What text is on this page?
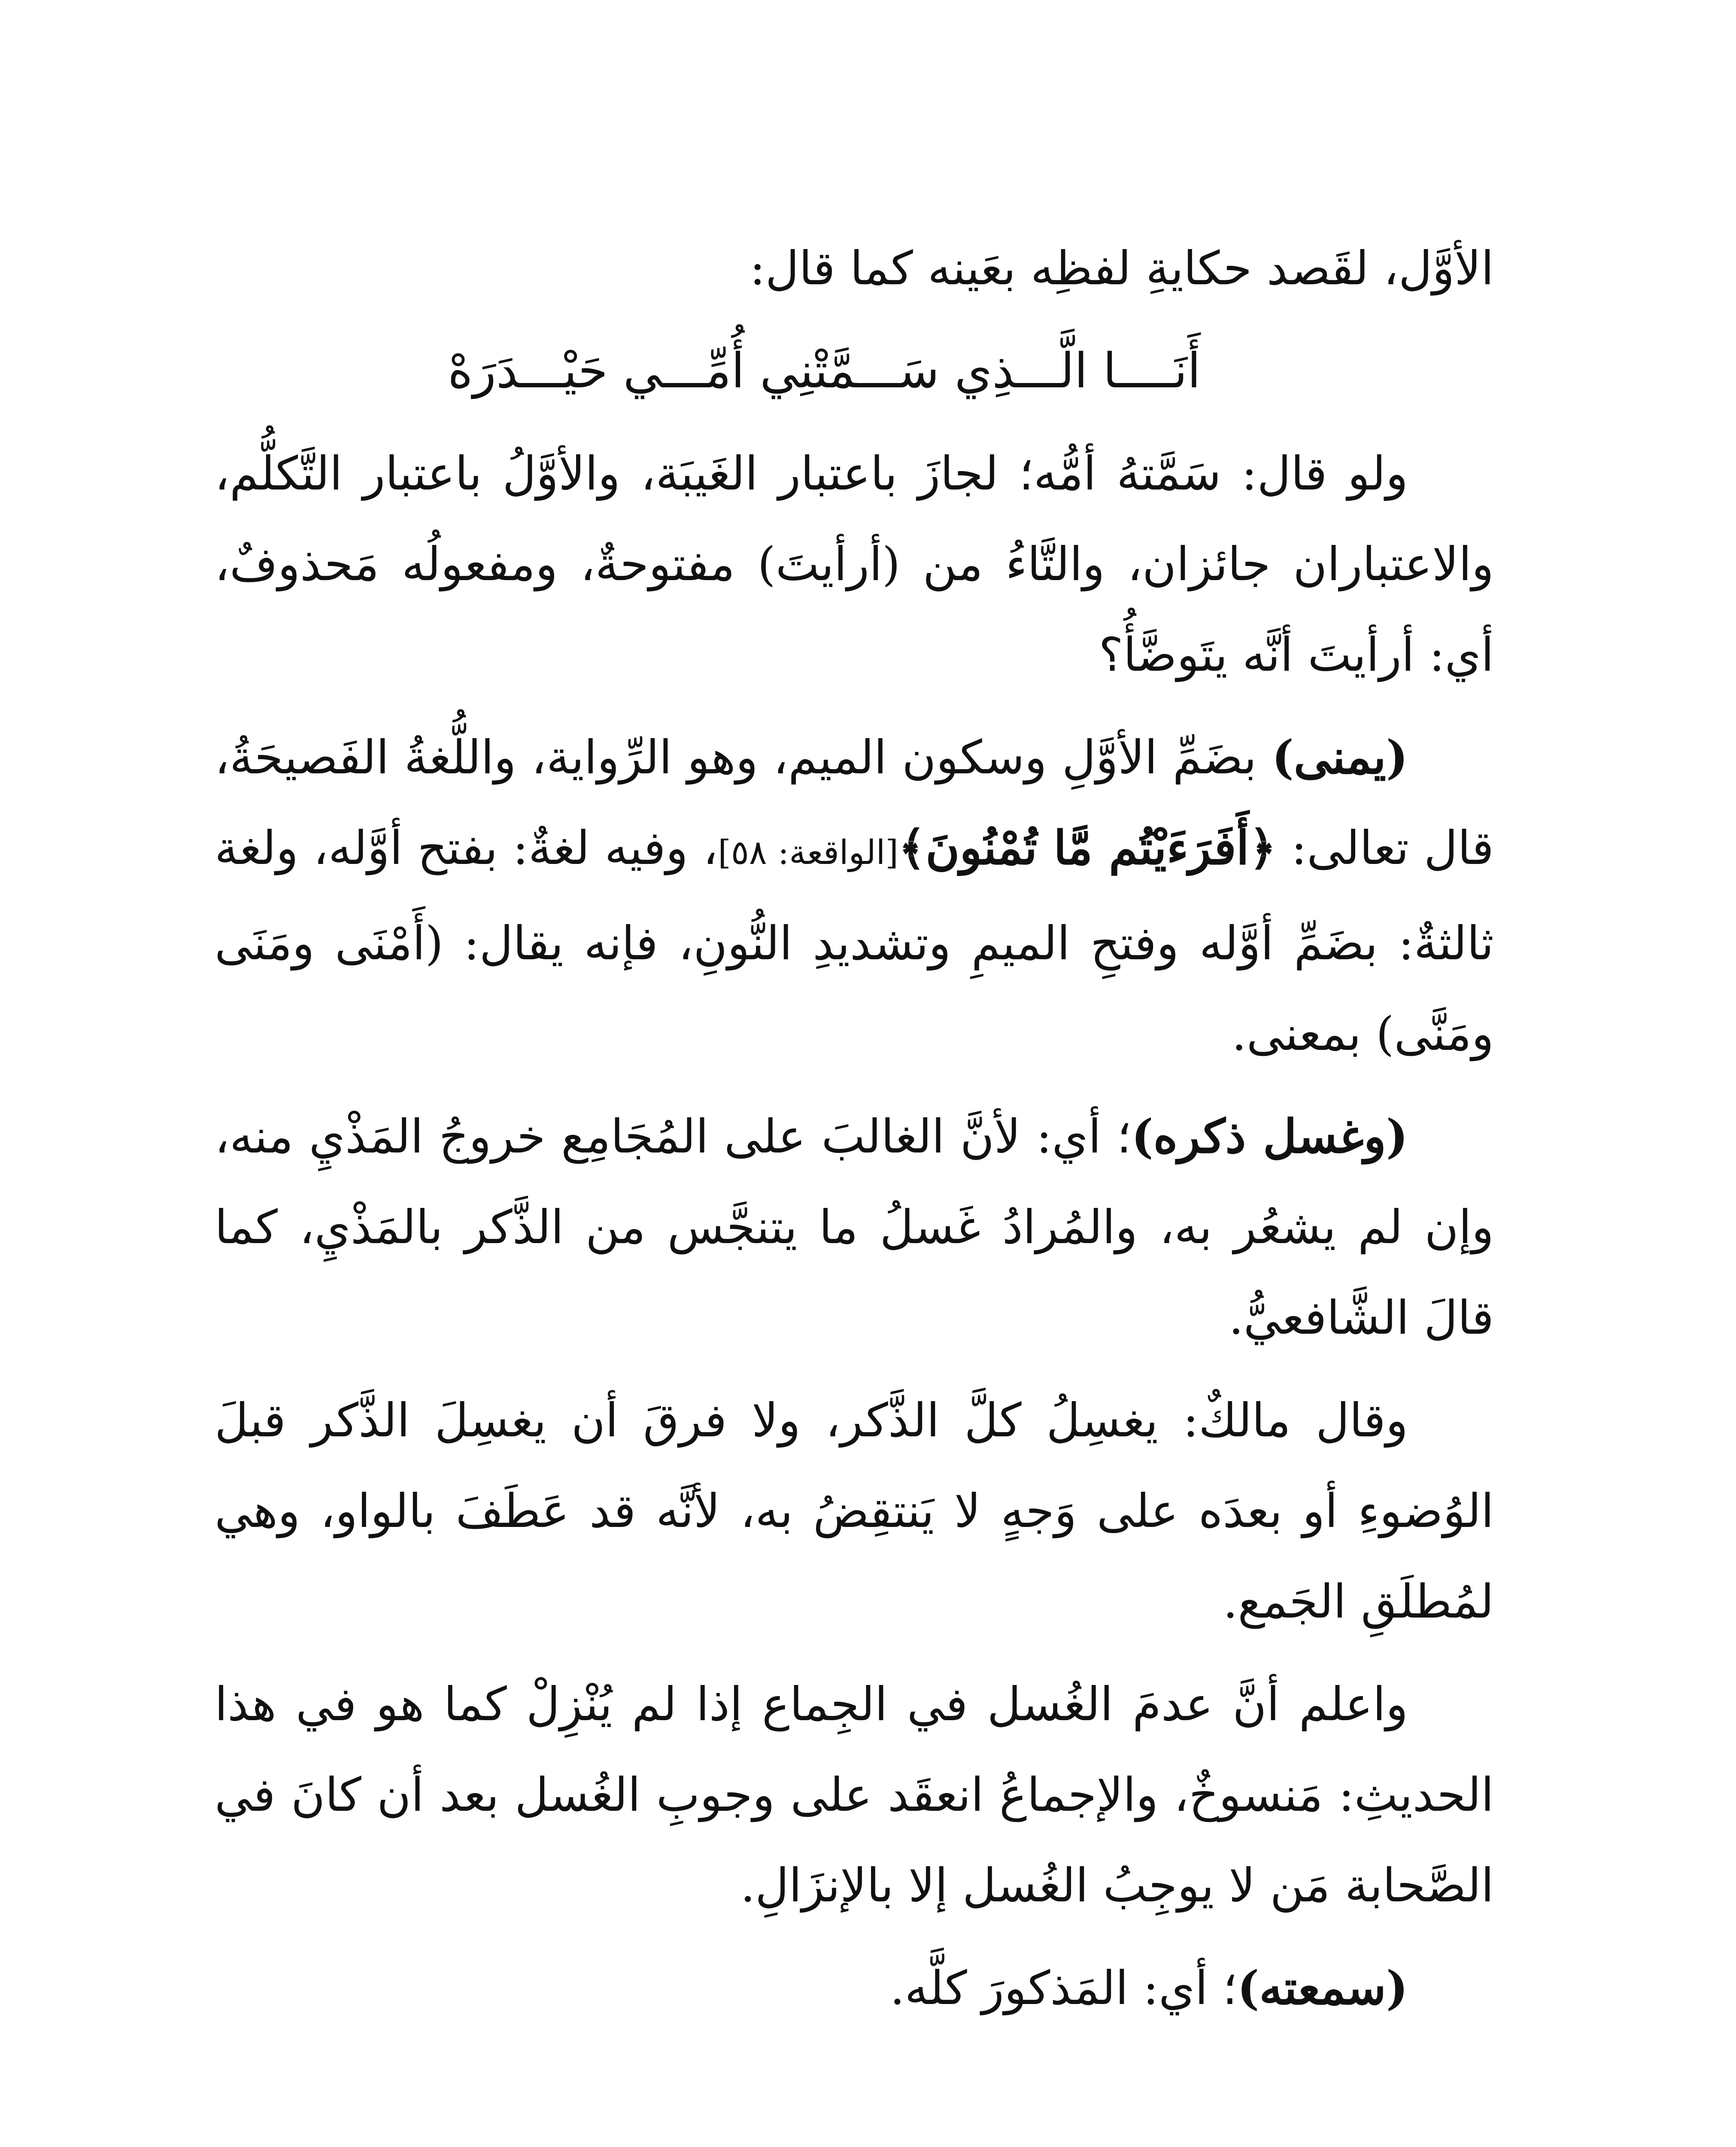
الأوَّل، لقَصد حكايةِ لفظِه بعَينه كما قال:

أَنَــــا الَّـــذِي سَـــمَّتْنِي أُمِّـــي حَيْـــدَرَهْ

ولو قال: سَمَّتهُ أمُّه؛ لجازَ باعتبار الغَيبَة، والأوَّلُ باعتبار التَّكلُّم، والاعتباران جائزان، والتَّاءُ من (أرأيتَ) مفتوحةٌ، ومفعولُه مَحذوفٌ، أي: أرأيتَ أنَّه يتَوضَّأُ؟

(يمنى) بضَمِّ الأوَّلِ وسكون الميم، وهو الرِّواية، واللُّغةُ الفَصيحَةُ، قال تعالى: ﴿أَفَرَءَيْتُم مَّا تُمْنُونَ﴾[الواقعة: ٥٨]، وفيه لغةٌ: بفتح أوَّله، ولغة ثالثةٌ: بضَمِّ أوَّله وفتحِ الميمِ وتشديدِ النُّونِ، فإنه يقال: (أَمْنَى ومَنَى ومَنَّى) بمعنى.

(وغسل ذكره)؛ أي: لأنَّ الغالبَ على المُجَامِع خروجُ المَذْيِ منه، وإن لم يشعُر به، والمُرادُ غَسلُ ما يتنجَّس من الذَّكر بالمَذْيِ، كما قالَ الشَّافعيُّ.

وقال مالكٌ: يغسِلُ كلَّ الذَّكر، ولا فرقَ أن يغسِلَ الذَّكر قبلَ الوُضوءِ أو بعدَه على وَجهٍ لا يَنتقِضُ به، لأنَّه قد عَطَفَ بالواو، وهي لمُطلَقِ الجَمع.

واعلم أنَّ عدمَ الغُسل في الجِماع إذا لم يُنْزِلْ كما هو في هذا الحديثِ: مَنسوخٌ، والإجماعُ انعقَد على وجوبِ الغُسل بعد أن كانَ في الصَّحابة مَن لا يوجِبُ الغُسل إلا بالإنزَالِ.

(سمعته)؛ أي: المَذكورَ كلَّه.
